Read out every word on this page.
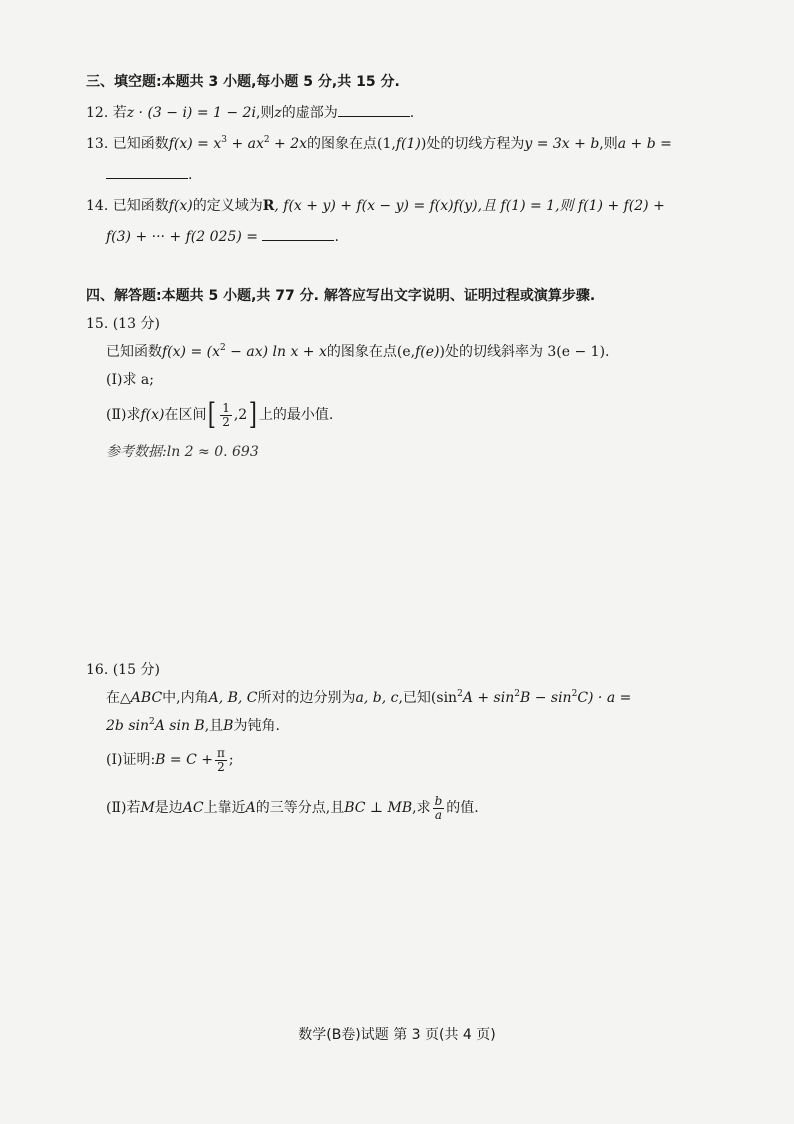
三、填空题:本题共 3 小题,每小题 5 分,共 15 分.
12. 若z · (3 − i) = 1 − 2i,则z的虚部为	.
13. 已知函数$f(x) = x^3 + ax^2 + 2x$的图象在点(1,f(1))处的切线方程为y = 3x + b,则a + b =
.
14. 已知函数f(x)的定义域为R, f(x + y) + f(x − y) = f(x)f(y),且 f(1) = 1,则 f(1) + f(2) +
f(3) + ··· + f(2 025) =	.
四、解答题:本题共 5 小题,共 77 分. 解答应写出文字说明、证明过程或演算步骤.
15. (13 分)
已知函数$f(x) = (x^2 - ax)$ ln x + x的图象在点(e,f(e))处的切线斜率为 3(e − 1).
(Ⅰ)求 a;
(Ⅱ)求f(x)在区间[ $\frac{1}{2} ,2$] 上的最小值.
参考数据:ln 2 ≈ 0. 693
16. (15 分)
在△ABC中,内角A, B, C所对的边分别为a, b, c,已知$(\sin^2A + \sin^2B - \sin^2C) \cdot a$ =
2b $\sin^2A$ sin B,且B为钝角.
(Ⅰ)证明:B = $C + \frac{\pi}{2}$ ;
(Ⅱ)若M是边AC上靠近A的三等分点,且BC ⊥ MB,求 $\frac{b}{a}$ 的值.
数学(B卷)试题 第 3 页(共 4 页)
